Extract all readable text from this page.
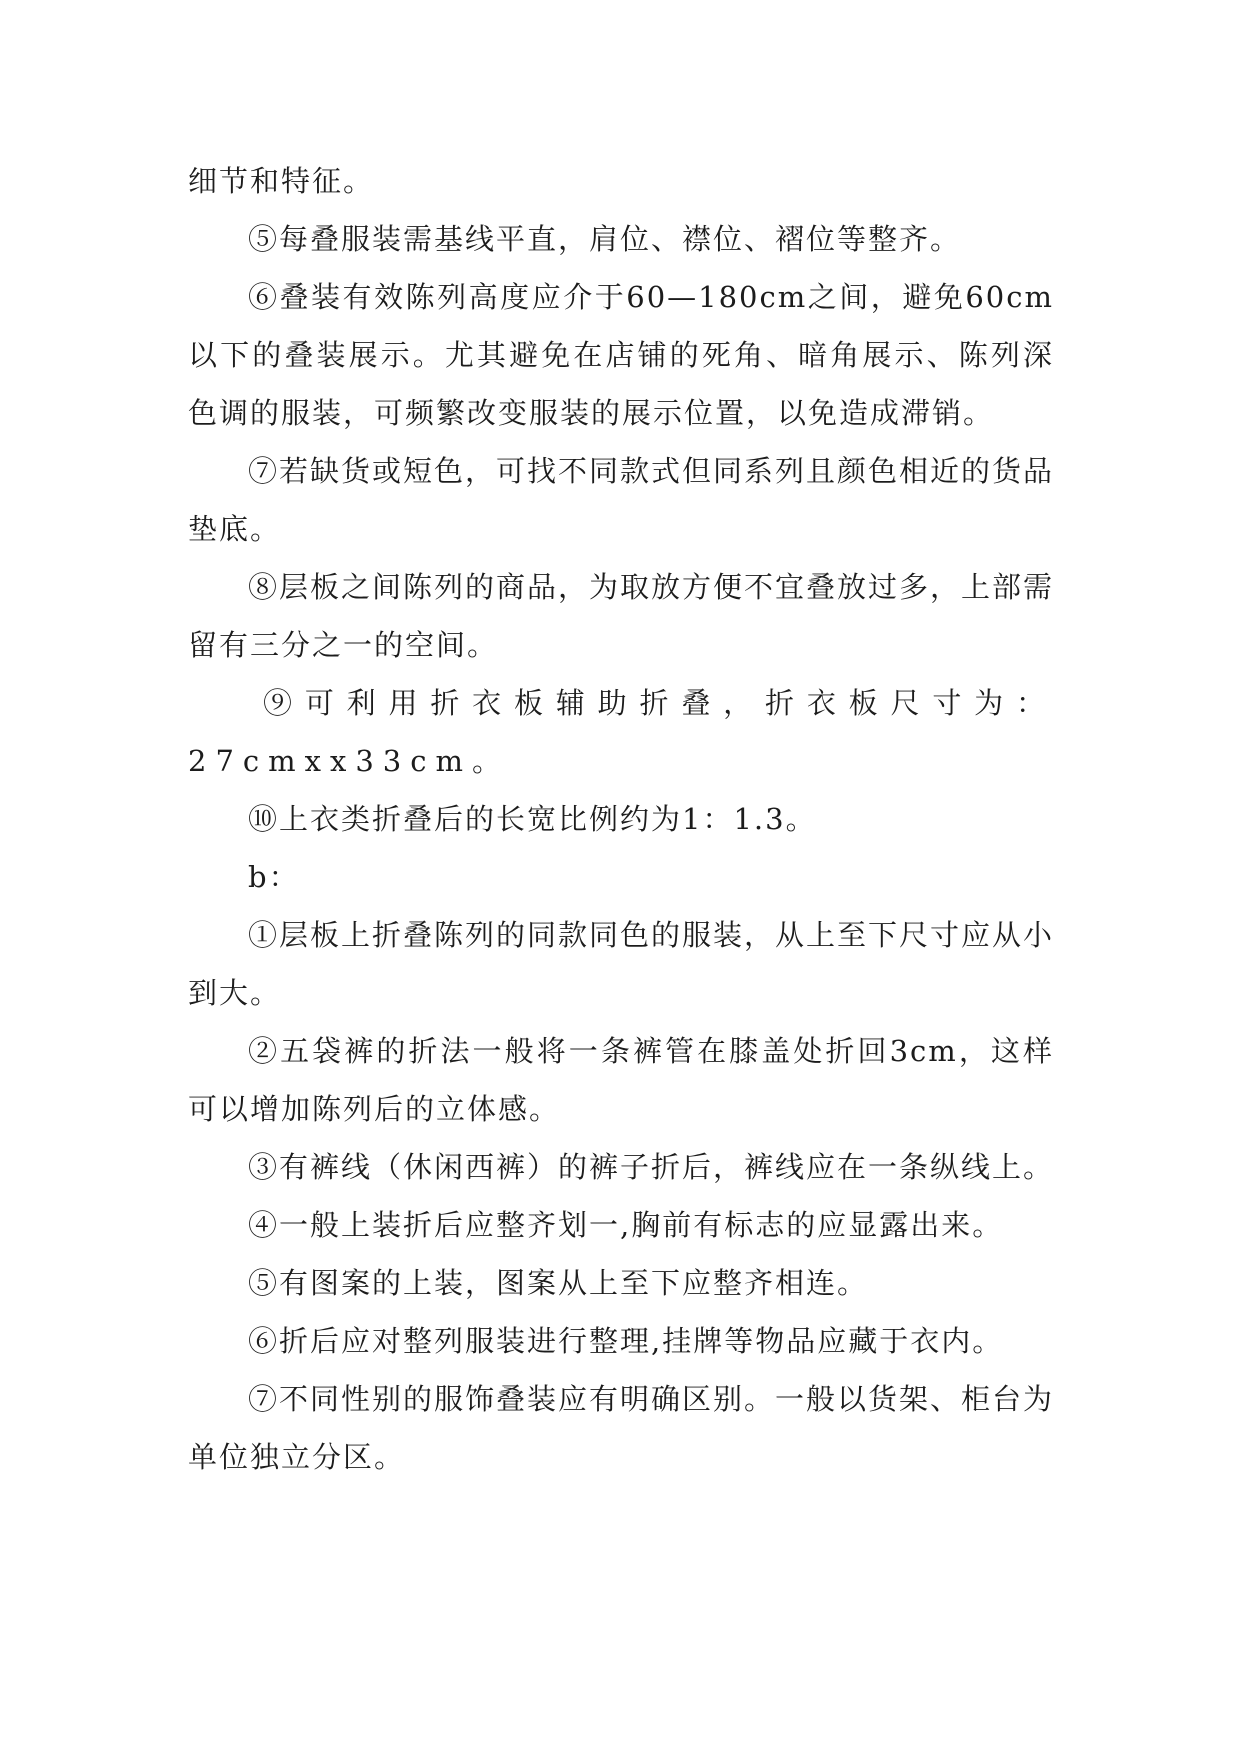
细节和特征。

⑤每叠服装需基线平直，肩位、襟位、褶位等整齐。

⑥叠装有效陈列高度应介于60—180cm之间，避免60cm以下的叠装展示。尤其避免在店铺的死角、暗角展示、陈列深色调的服装，可频繁改变服装的展示位置，以免造成滞销。

⑦若缺货或短色，可找不同款式但同系列且颜色相近的货品垫底。

⑧层板之间陈列的商品，为取放方便不宜叠放过多，上部需留有三分之一的空间。

⑨可利用折衣板辅助折叠，折衣板尺寸为：27cmxx33cm。

⑩上衣类折叠后的长宽比例约为1：1.3。

b：

①层板上折叠陈列的同款同色的服装，从上至下尺寸应从小到大。

②五袋裤的折法一般将一条裤管在膝盖处折回3cm，这样可以增加陈列后的立体感。

③有裤线（休闲西裤）的裤子折后，裤线应在一条纵线上。

④一般上装折后应整齐划一,胸前有标志的应显露出来。

⑤有图案的上装，图案从上至下应整齐相连。

⑥折后应对整列服装进行整理,挂牌等物品应藏于衣内。

⑦不同性别的服饰叠装应有明确区别。一般以货架、柜台为单位独立分区。
